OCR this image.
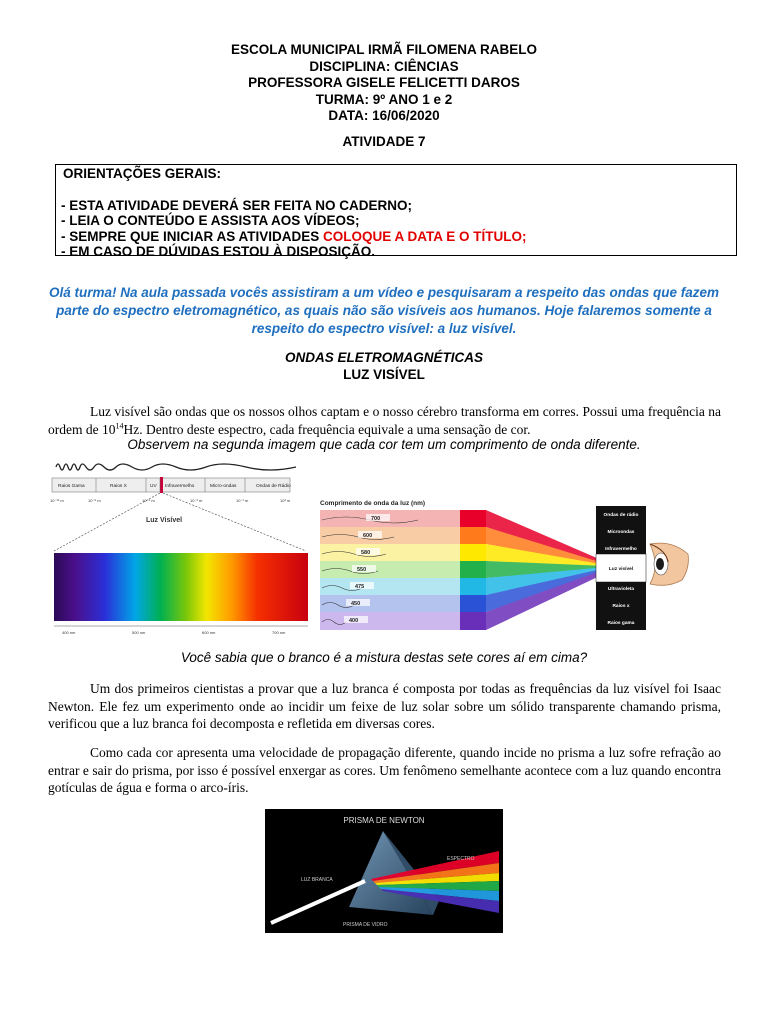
ESCOLA MUNICIPAL IRMÃ FILOMENA RABELO
DISCIPLINA: CIÊNCIAS
PROFESSORA GISELE FELICETTI DAROS
TURMA: 9º ANO 1 e 2
DATA: 16/06/2020
ATIVIDADE 7
ORIENTAÇÕES GERAIS:
- ESTA ATIVIDADE DEVERÁ SER FEITA NO CADERNO;
- LEIA O CONTEÚDO E ASSISTA AOS VÍDEOS;
- SEMPRE QUE INICIAR AS ATIVIDADES COLOQUE A DATA E O TÍTULO;
- EM CASO DE DÚVIDAS ESTOU À DISPOSIÇÃO.
Olá turma! Na aula passada vocês assistiram a um vídeo e pesquisaram a respeito das ondas que fazem parte do espectro eletromagnético, as quais não são visíveis aos humanos. Hoje falaremos somente a respeito do espectro visível: a luz visível.
ONDAS ELETROMAGNÉTICAS
LUZ VISÍVEL
Luz visível são ondas que os nossos olhos captam e o nosso cérebro transforma em corres. Possui uma frequência na ordem de $10^{14}Hz$. Dentro deste espectro, cada frequência equivale a uma sensação de cor.
Observem na segunda imagem que cada cor tem um comprimento de onda diferente.
Raios Gama	Raios X	UV Infravermelho	Micro-ondas	Ondas de Rádio
10⁻¹² m	10⁻⁸ m	10⁻⁶ m	10⁻³ m	10⁻¹ m	10³ m
Luz Visível
400 nm	500 nm	600 nm	700 nm
Comprimento de onda da luz (nm)
700
600
580
550
475
450
400
Ondas de rádio
Microondas
Infravermelho
Luz visível
Ultravioleta
Raios x
Raios gama
Você sabia que o branco é a mistura destas sete cores aí em cima?
Um dos primeiros cientistas a provar que a luz branca é composta por todas as frequências da luz visível foi Isaac Newton. Ele fez um experimento onde ao incidir um feixe de luz solar sobre um sólido transparente chamando prisma, verificou que a luz branca foi decomposta e refletida em diversas cores.
Como cada cor apresenta uma velocidade de propagação diferente, quando incide no prisma a luz sofre refração ao entrar e sair do prisma, por isso é possível enxergar as cores. Um fenômeno semelhante acontece com a luz quando encontra gotículas de água e forma o arco-íris.
PRISMA DE NEWTON
ESPECTRO
LUZ BRANCA
PRISMA DE VIDRO
